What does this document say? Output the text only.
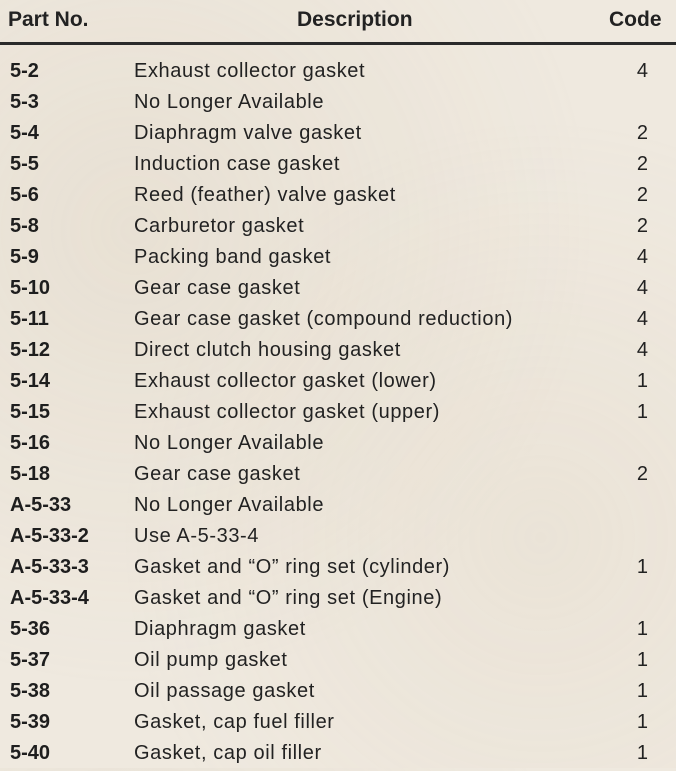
Part No.	Description	Code
5-2	Exhaust collector gasket	4
5-3	No Longer Available
5-4	Diaphragm valve gasket	2
5-5	Induction case gasket	2
5-6	Reed (feather) valve gasket	2
5-8	Carburetor gasket	2
5-9	Packing band gasket	4
5-10	Gear case gasket	4
5-11	Gear case gasket (compound reduction)	4
5-12	Direct clutch housing gasket	4
5-14	Exhaust collector gasket (lower)	1
5-15	Exhaust collector gasket (upper)	1
5-16	No Longer Available
5-18	Gear case gasket	2
A-5-33	No Longer Available
A-5-33-2 Use A-5-33-4
A-5-33-3 Gasket and “O” ring set (cylinder)	1
A-5-33-4 Gasket and “O” ring set (Engine)
5-36	Diaphragm gasket	1
5-37	Oil pump gasket	1
5-38	Oil passage gasket	1
5-39	Gasket, cap fuel filler	1
5-40	Gasket, cap oil filler	1
